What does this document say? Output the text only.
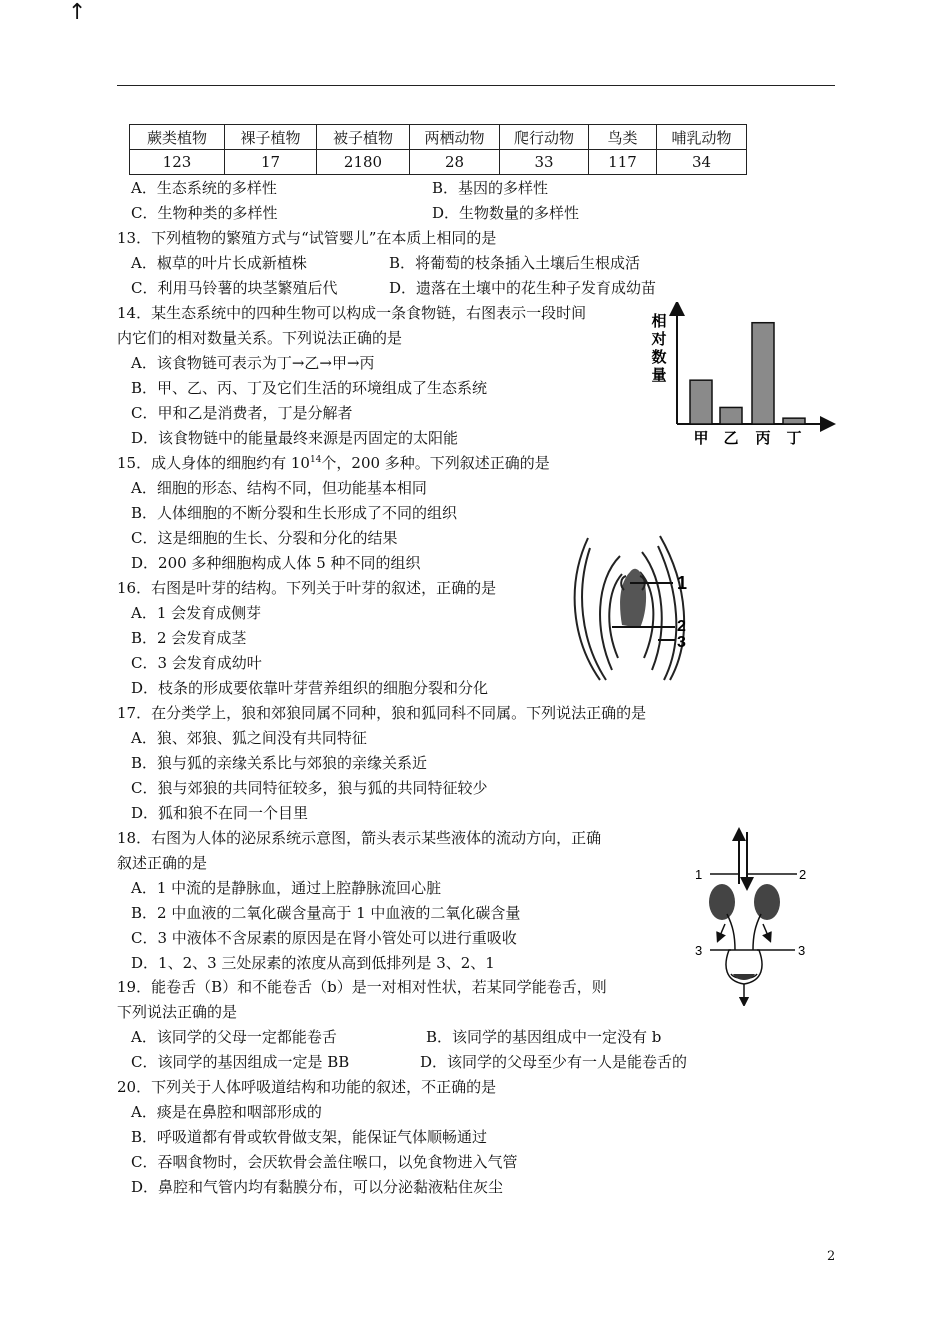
↑
蕨类植物	裸子植物	被子植物	两栖动物	爬行动物	鸟类	哺乳动物
123	17	2180	28	33	117	34
A．生态系统的多样性	B．基因的多样性
C．生物种类的多样性	D．生物数量的多样性
13．下列植物的繁殖方式与“试管婴儿”在本质上相同的是
A．椒草的叶片长成新植株	B．将葡萄的枝条插入土壤后生根成活
C．利用马铃薯的块茎繁殖后代	D．遗落在土壤中的花生种子发育成幼苗
14．某生态系统中的四种生物可以构成一条食物链，右图表示一段时间
内它们的相对数量关系。下列说法正确的是
A．该食物链可表示为丁→乙→甲→丙
B．甲、乙、丙、丁及它们生活的环境组成了生态系统
C．甲和乙是消费者，丁是分解者
D．该食物链中的能量最终来源是丙固定的太阳能
相
对
数
量
甲 乙 丙 丁
15．成人身体的细胞约有 $10^{14}$个，200 多种。下列叙述正确的是
A．细胞的形态、结构不同，但功能基本相同
B．人体细胞的不断分裂和生长形成了不同的组织
C．这是细胞的生长、分裂和分化的结果
D．200 多种细胞构成人体 5 种不同的组织
16．右图是叶芽的结构。下列关于叶芽的叙述，正确的是
A．1 会发育成侧芽
B．2 会发育成茎
C．3 会发育成幼叶
D．枝条的形成要依靠叶芽营养组织的细胞分裂和分化
1
2
3
17．在分类学上，狼和郊狼同属不同种，狼和狐同科不同属。下列说法正确的是
A．狼、郊狼、狐之间没有共同特征
B．狼与狐的亲缘关系比与郊狼的亲缘关系近
C．狼与郊狼的共同特征较多，狼与狐的共同特征较少
D．狐和狼不在同一个目里
18．右图为人体的泌尿系统示意图，箭头表示某些液体的流动方向，正确
叙述正确的是
A．1 中流的是静脉血，通过上腔静脉流回心脏
B．2 中血液的二氧化碳含量高于 1 中血液的二氧化碳含量
C．3 中液体不含尿素的原因是在肾小管处可以进行重吸收
D．1、2、3 三处尿素的浓度从高到低排列是 3、2、1
1	2
3	3
19．能卷舌（B）和不能卷舌（b）是一对相对性状，若某同学能卷舌，则
下列说法正确的是
A．该同学的父母一定都能卷舌	B．该同学的基因组成中一定没有 b
C．该同学的基因组成一定是 BB	D．该同学的父母至少有一人是能卷舌的
20．下列关于人体呼吸道结构和功能的叙述，不正确的是
A．痰是在鼻腔和咽部形成的
B．呼吸道都有骨或软骨做支架，能保证气体顺畅通过
C．吞咽食物时，会厌软骨会盖住喉口，以免食物进入气管
D．鼻腔和气管内均有黏膜分布，可以分泌黏液粘住灰尘
2
